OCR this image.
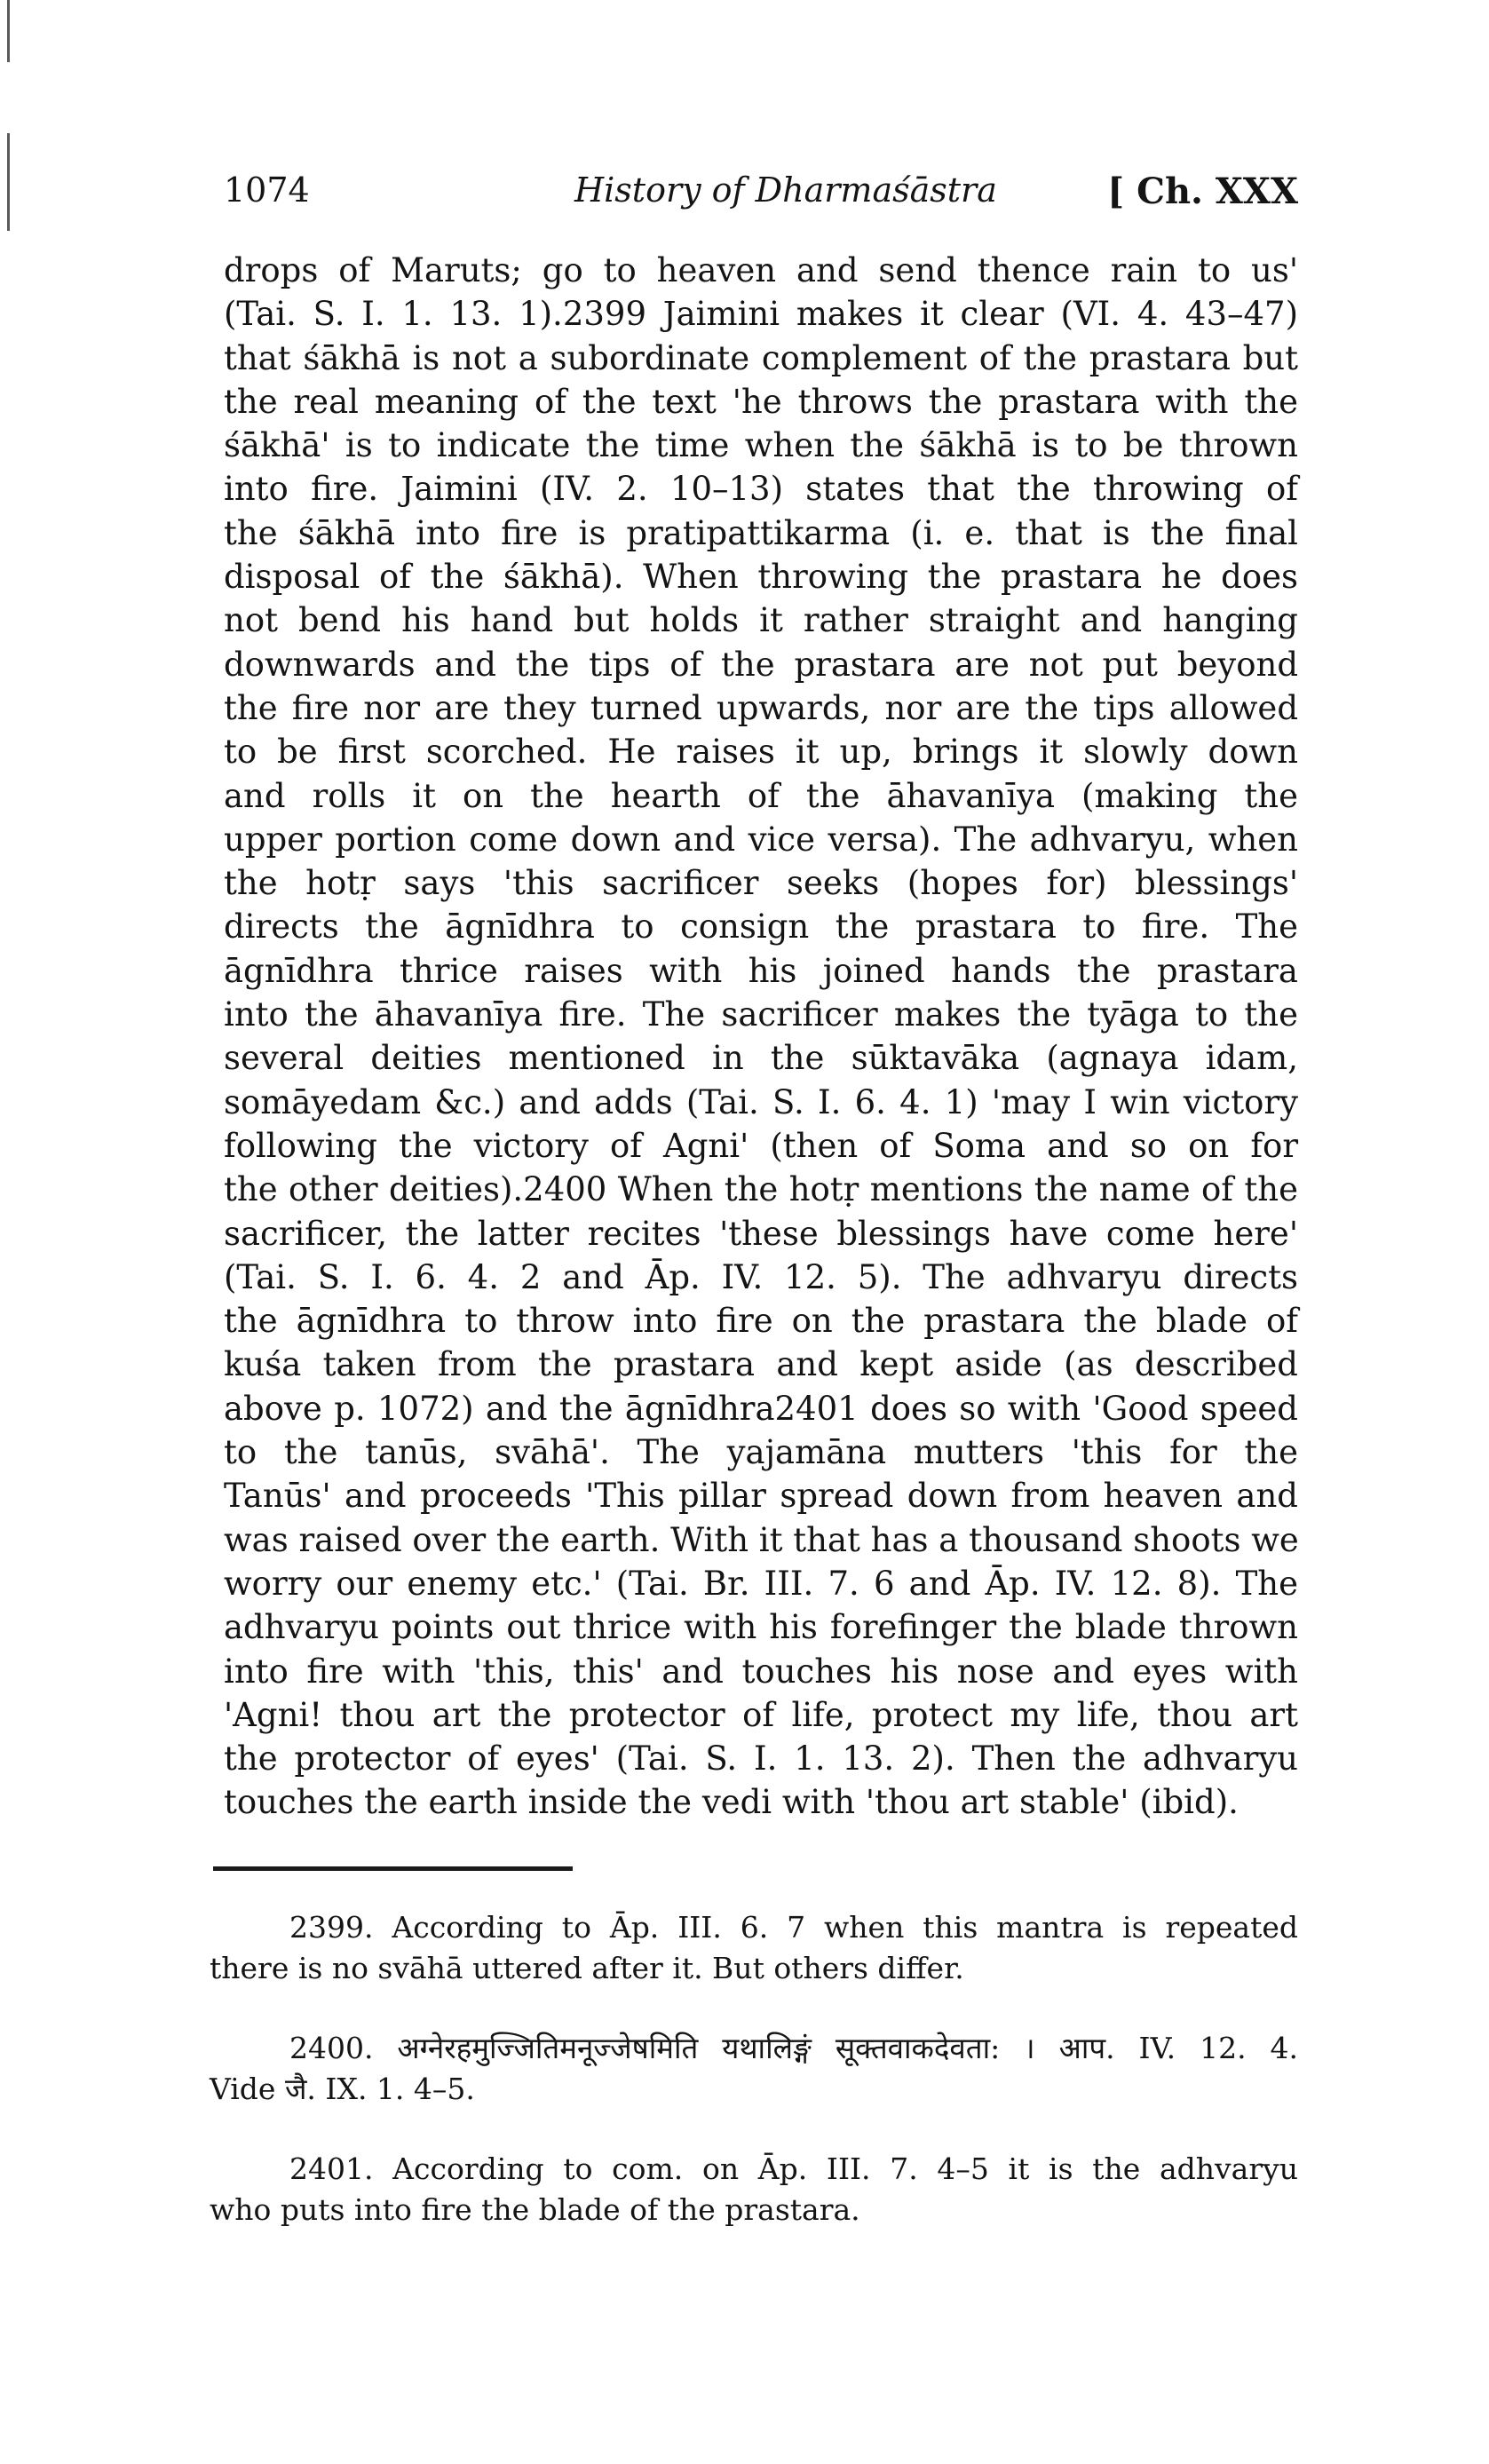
1074	History of Dharmaśāstra	[ Ch. XXX
drops of Maruts; go to heaven and send thence rain to us'
(Tai. S. I. 1. 13. 1).2399 Jaimini makes it clear (VI. 4. 43–47)
that śākhā is not a subordinate complement of the prastara but
the real meaning of the text 'he throws the prastara with the
śākhā' is to indicate the time when the śākhā is to be thrown
into fire. Jaimini (IV. 2. 10–13) states that the throwing of
the śākhā into fire is pratipattikarma (i. e. that is the final
disposal of the śākhā). When throwing the prastara he does
not bend his hand but holds it rather straight and hanging
downwards and the tips of the prastara are not put beyond
the fire nor are they turned upwards, nor are the tips allowed
to be first scorched. He raises it up, brings it slowly down
and rolls it on the hearth of the āhavanīya (making the
upper portion come down and vice versa). The adhvaryu, when
the hotṛ says 'this sacrificer seeks (hopes for) blessings'
directs the āgnīdhra to consign the prastara to fire. The
āgnīdhra thrice raises with his joined hands the prastara
into the āhavanīya fire. The sacrificer makes the tyāga to the
several deities mentioned in the sūktavāka (agnaya idam,
somāyedam &c.) and adds (Tai. S. I. 6. 4. 1) 'may I win victory
following the victory of Agni' (then of Soma and so on for
the other deities).2400 When the hotṛ mentions the name of the
sacrificer, the latter recites 'these blessings have come here'
(Tai. S. I. 6. 4. 2 and Āp. IV. 12. 5). The adhvaryu directs
the āgnīdhra to throw into fire on the prastara the blade of
kuśa taken from the prastara and kept aside (as described
above p. 1072) and the āgnīdhra2401 does so with 'Good speed
to the tanūs, svāhā'. The yajamāna mutters 'this for the
Tanūs' and proceeds 'This pillar spread down from heaven and
was raised over the earth. With it that has a thousand shoots we
worry our enemy etc.' (Tai. Br. III. 7. 6 and Āp. IV. 12. 8). The
adhvaryu points out thrice with his forefinger the blade thrown
into fire with 'this, this' and touches his nose and eyes with
'Agni! thou art the protector of life, protect my life, thou art
the protector of eyes' (Tai. S. I. 1. 13. 2). Then the adhvaryu
touches the earth inside the vedi with 'thou art stable' (ibid).
2399. According to Āp. III. 6. 7 when this mantra is repeated
there is no svāhā uttered after it. But others differ.
2400. अग्नेरहमुज्जितिमनूज्जेषमिति यथालिङ्गं सूक्तवाकदेवता: । आप. IV. 12. 4.
Vide जै. IX. 1. 4–5.
2401. According to com. on Āp. III. 7. 4–5 it is the adhvaryu
who puts into fire the blade of the prastara.
